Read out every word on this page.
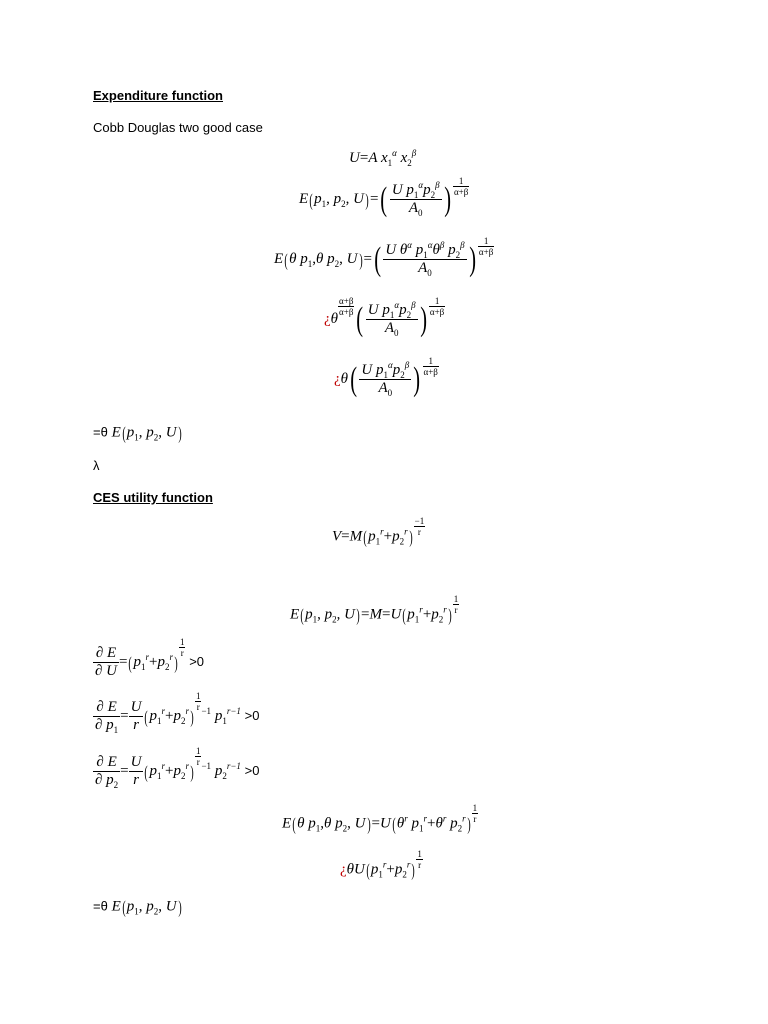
Expenditure function
Cobb Douglas two good case
U=A $x_1^\alpha$ $x_2^\beta$
$E(p_1$, $p_2$, $U)=( \frac{U p_1^\alpha p_2^\beta}{A_0}$ ) $\frac{1}{\alpha+\beta}$
E(θ $p_1,\theta$ $p_2$, $U)=( \frac{U \theta^\alpha p_1^\alpha\theta^\beta p_2^\beta}{A_0}$ ) $\frac{1}{\alpha+\beta}$
¿θ
$\frac{\alpha+\beta}{\alpha+\beta}$ ( $\frac{U p_1^\alpha p_2^\beta}{A_0}$ ) $\frac{1}{\alpha+\beta}$
¿$\theta( \frac{U p_1^\alpha p_2^\beta}{A_0}$ ) $\frac{1}{\alpha+\beta}$
=θ $E(p_1$, $p_2$, U)
λ
CES utility function
$V=M(p_1^r+p_2^r) \frac{-1}{r}$
$E(p_1$, $p_2$, $U)=M=U(p_1^r+p_2^r) \frac{1}{r}$
$\frac{\partial E}{\partial U} =(p_1^r+p_2^r)$
$\frac{1}{r}$
>0
$\frac{\partial E}{\partial p_1} = \frac{U}{r} (p_1^r+p_2^r)$
$\frac{1}{r} ^{-1}$ $p_1^{r-1} >0$
$\frac{\partial E}{\partial p_2} = \frac{U}{r} (p_1^r+p_2^r)$
$\frac{1}{r} ^{-1}$ $p_2^{r-1} >0$
E(θ $p_1,\theta$ $p_2$, $U)=U(\theta^r$ $p_1^r+\theta^r$ $p_2^r) \frac{1}{r}$
¿$\theta U(p_1^r+p_2^r) \frac{1}{r}$
=θ $E(p_1$, $p_2$, U)
